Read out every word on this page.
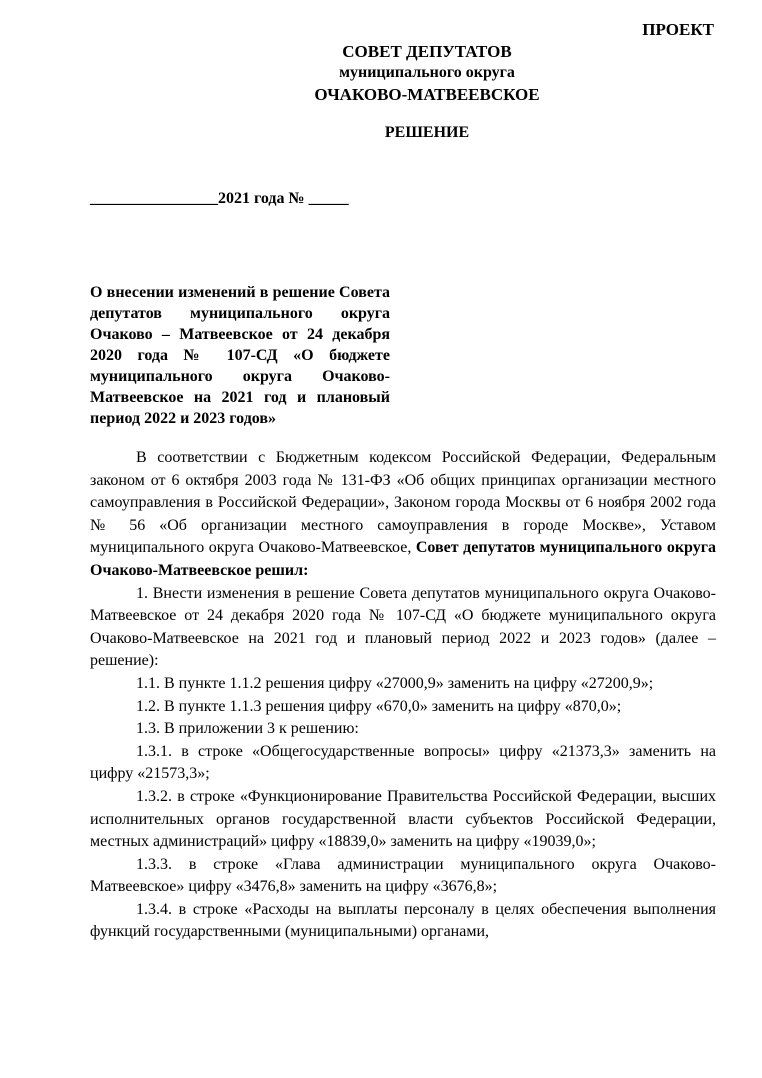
ПРОЕКТ
СОВЕТ ДЕПУТАТОВ
муниципального округа
ОЧАКОВО-МАТВЕЕВСКОЕ
РЕШЕНИЕ
________________2021 года № _____
О внесении изменений в решение Совета депутатов муниципального округа Очаково – Матвеевское от 24 декабря 2020 года № 107-СД «О бюджете муниципального округа Очаково-Матвеевское на 2021 год и плановый период 2022 и 2023 годов»

В соответствии с Бюджетным кодексом Российской Федерации, Федеральным законом от 6 октября 2003 года № 131-ФЗ «Об общих принципах организации местного самоуправления в Российской Федерации», Законом города Москвы от 6 ноября 2002 года № 56 «Об организации местного самоуправления в городе Москве», Уставом муниципального округа Очаково-Матвеевское, Совет депутатов муниципального округа Очаково-Матвеевское решил:

1. Внести изменения в решение Совета депутатов муниципального округа Очаково-Матвеевское от 24 декабря 2020 года № 107-СД «О бюджете муниципального округа Очаково-Матвеевское на 2021 год и плановый период 2022 и 2023 годов» (далее – решение):

1.1. В пункте 1.1.2 решения цифру «27000,9» заменить на цифру «27200,9»;

1.2. В пункте 1.1.3 решения цифру «670,0» заменить на цифру «870,0»;

1.3. В приложении 3 к решению:

1.3.1. в строке «Общегосударственные вопросы» цифру «21373,3» заменить на цифру «21573,3»;

1.3.2. в строке «Функционирование Правительства Российской Федерации, высших исполнительных органов государственной власти субъектов Российской Федерации, местных администраций» цифру «18839,0» заменить на цифру «19039,0»;

1.3.3. в строке «Глава администрации муниципального округа Очаково-Матвеевское» цифру «3476,8» заменить на цифру «3676,8»;

1.3.4. в строке «Расходы на выплаты персоналу в целях обеспечения выполнения функций государственными (муниципальными) органами,
